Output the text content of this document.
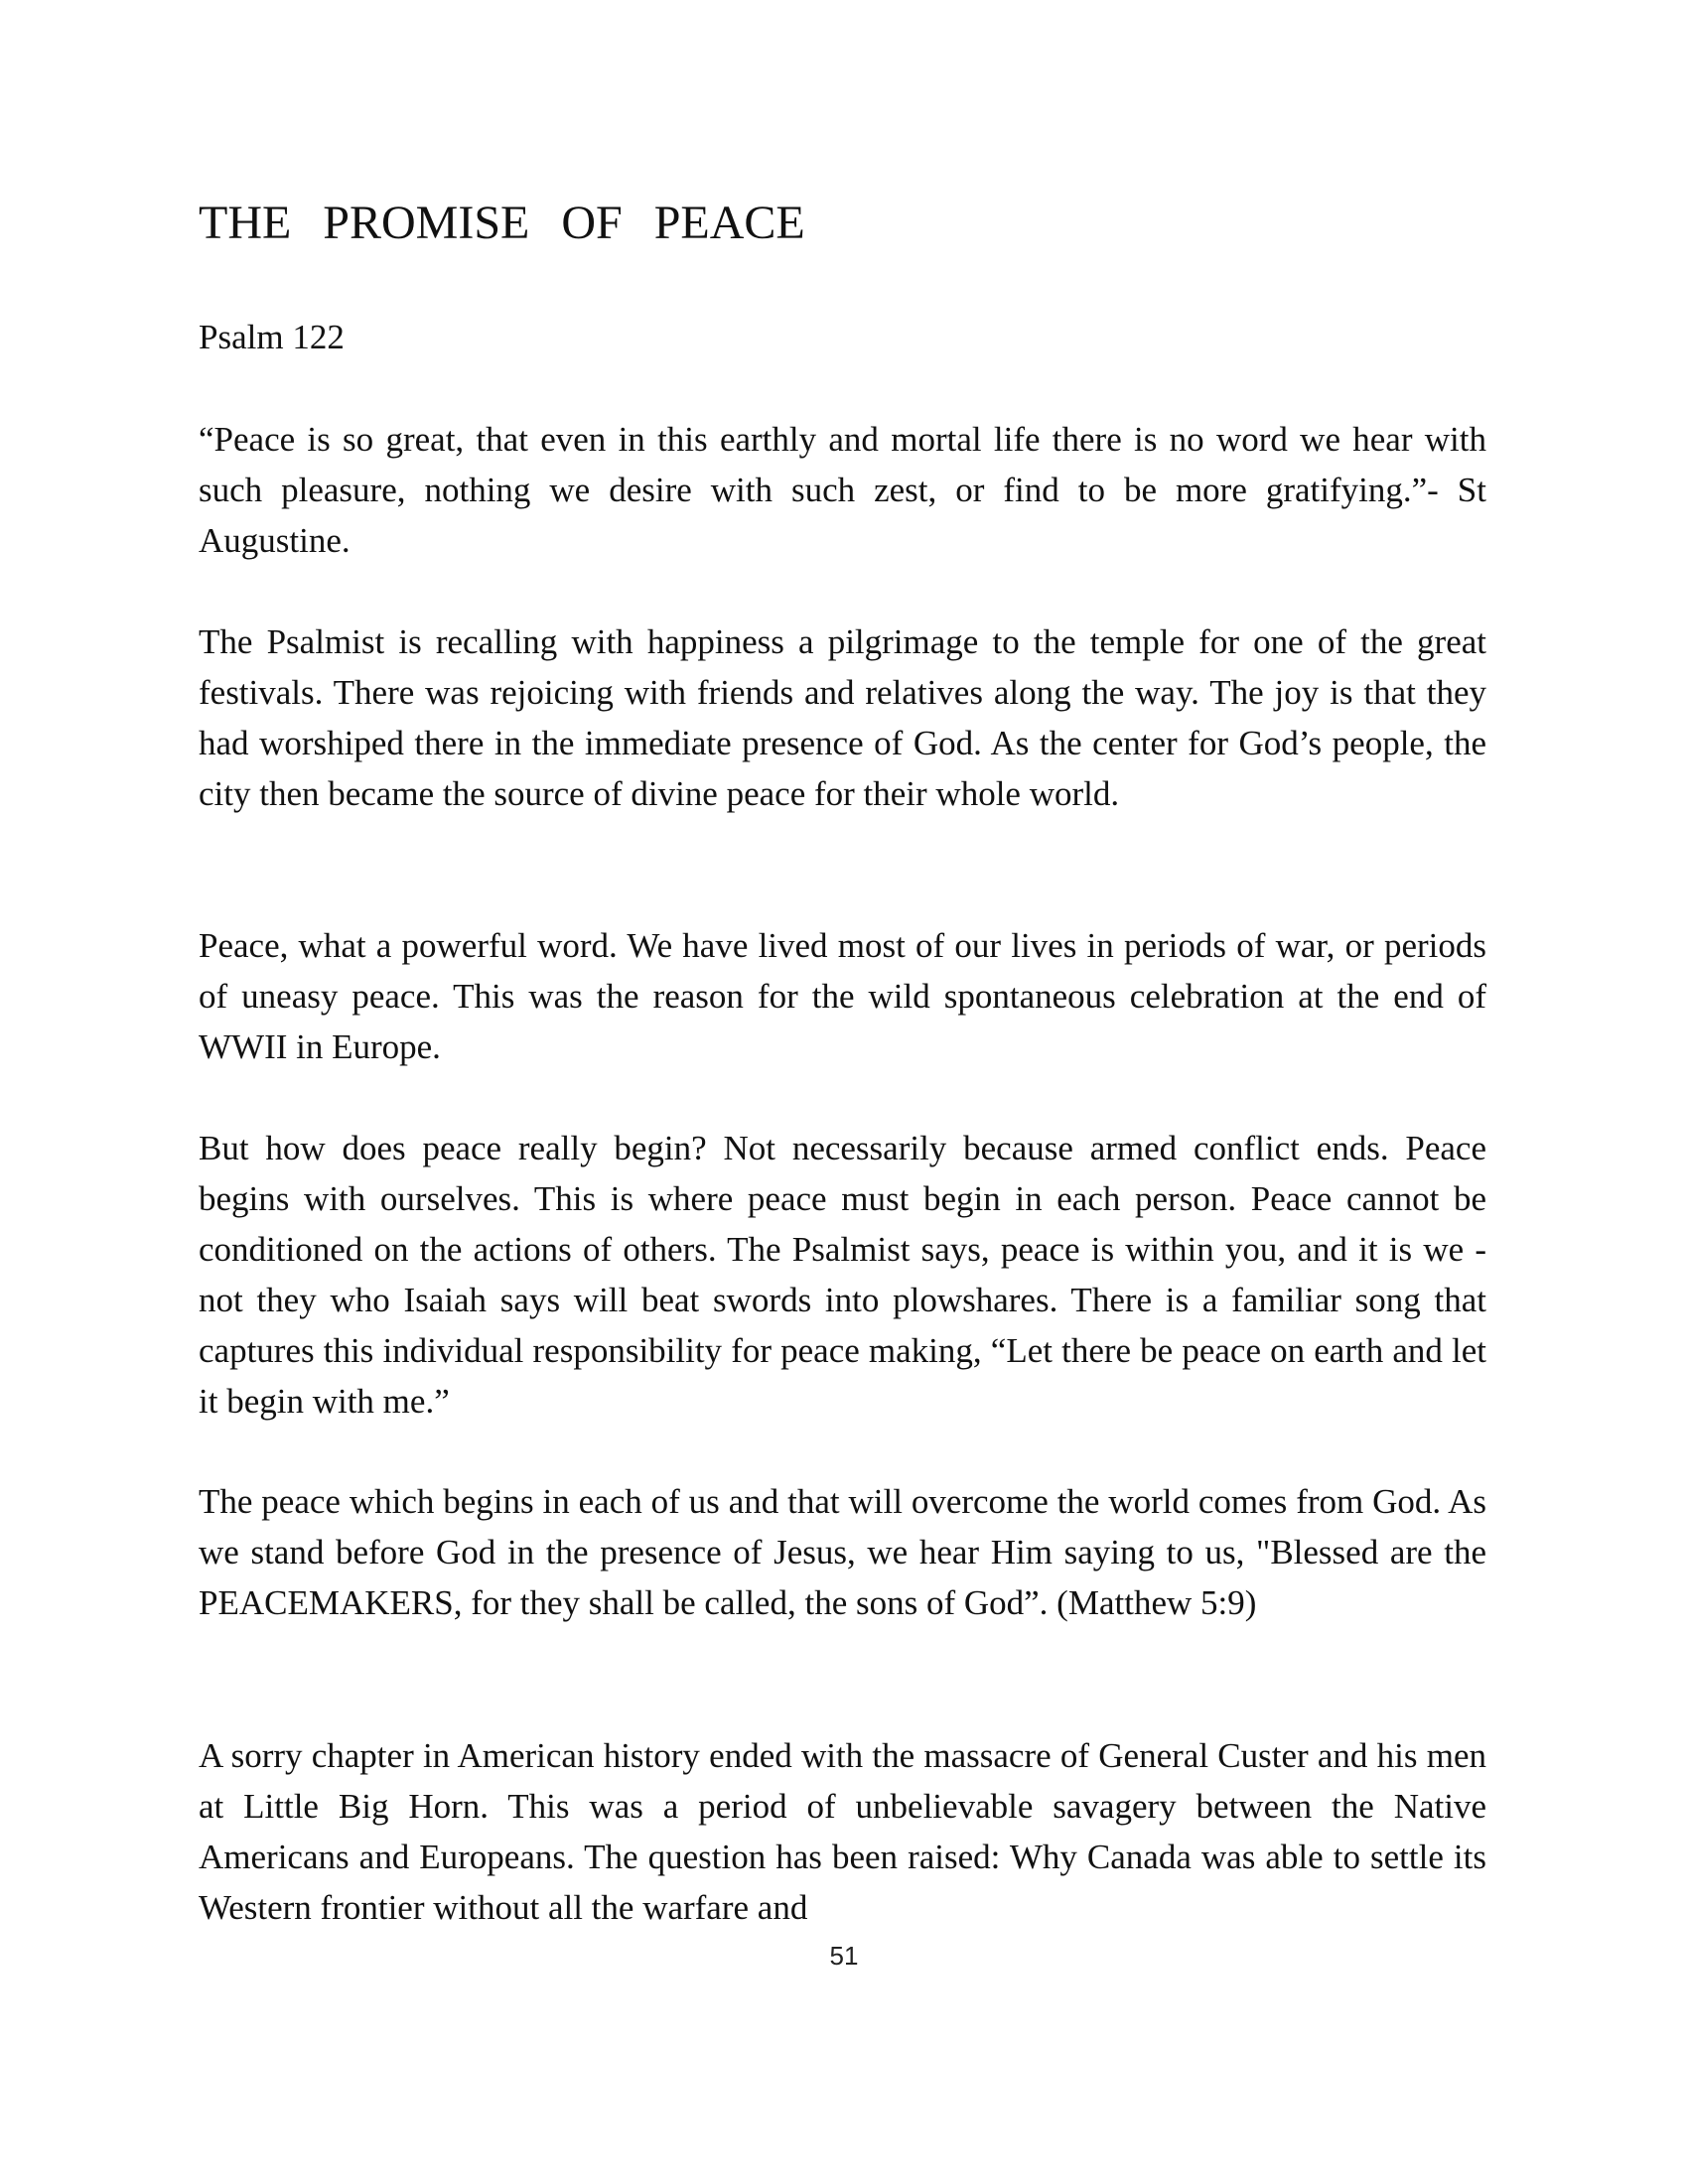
THE PROMISE OF PEACE

Psalm 122

“Peace is so great, that even in this earthly and mortal life there is no word we hear with such pleasure, nothing we desire with such zest, or find to be more gratifying.”- St Augustine.

The Psalmist is recalling with happiness a pilgrimage to the temple for one of the great festivals. There was rejoicing with friends and relatives along the way. The joy is that they had worshiped there in the immediate presence of God. As the center for God’s people, the city then became the source of divine peace for their whole world.

Peace, what a powerful word. We have lived most of our lives in periods of war, or periods of uneasy peace. This was the reason for the wild spontaneous celebration at the end of WWII in Europe.

But how does peace really begin? Not necessarily because armed conflict ends. Peace begins with ourselves. This is where peace must begin in each person. Peace cannot be conditioned on the actions of others. The Psalmist says, peace is within you, and it is we - not they who Isaiah says will beat swords into plowshares. There is a familiar song that captures this individual responsibility for peace making, “Let there be peace on earth and let it begin with me.”

The peace which begins in each of us and that will overcome the world comes from God. As we stand before God in the presence of Jesus, we hear Him saying to us, "Blessed are the PEACEMAKERS, for they shall be called, the sons of God”. (Matthew 5:9)

A sorry chapter in American history ended with the massacre of General Custer and his men at Little Big Horn. This was a period of unbelievable savagery between the Native Americans and Europeans. The question has been raised: Why Canada was able to settle its Western frontier without all the warfare and

51
